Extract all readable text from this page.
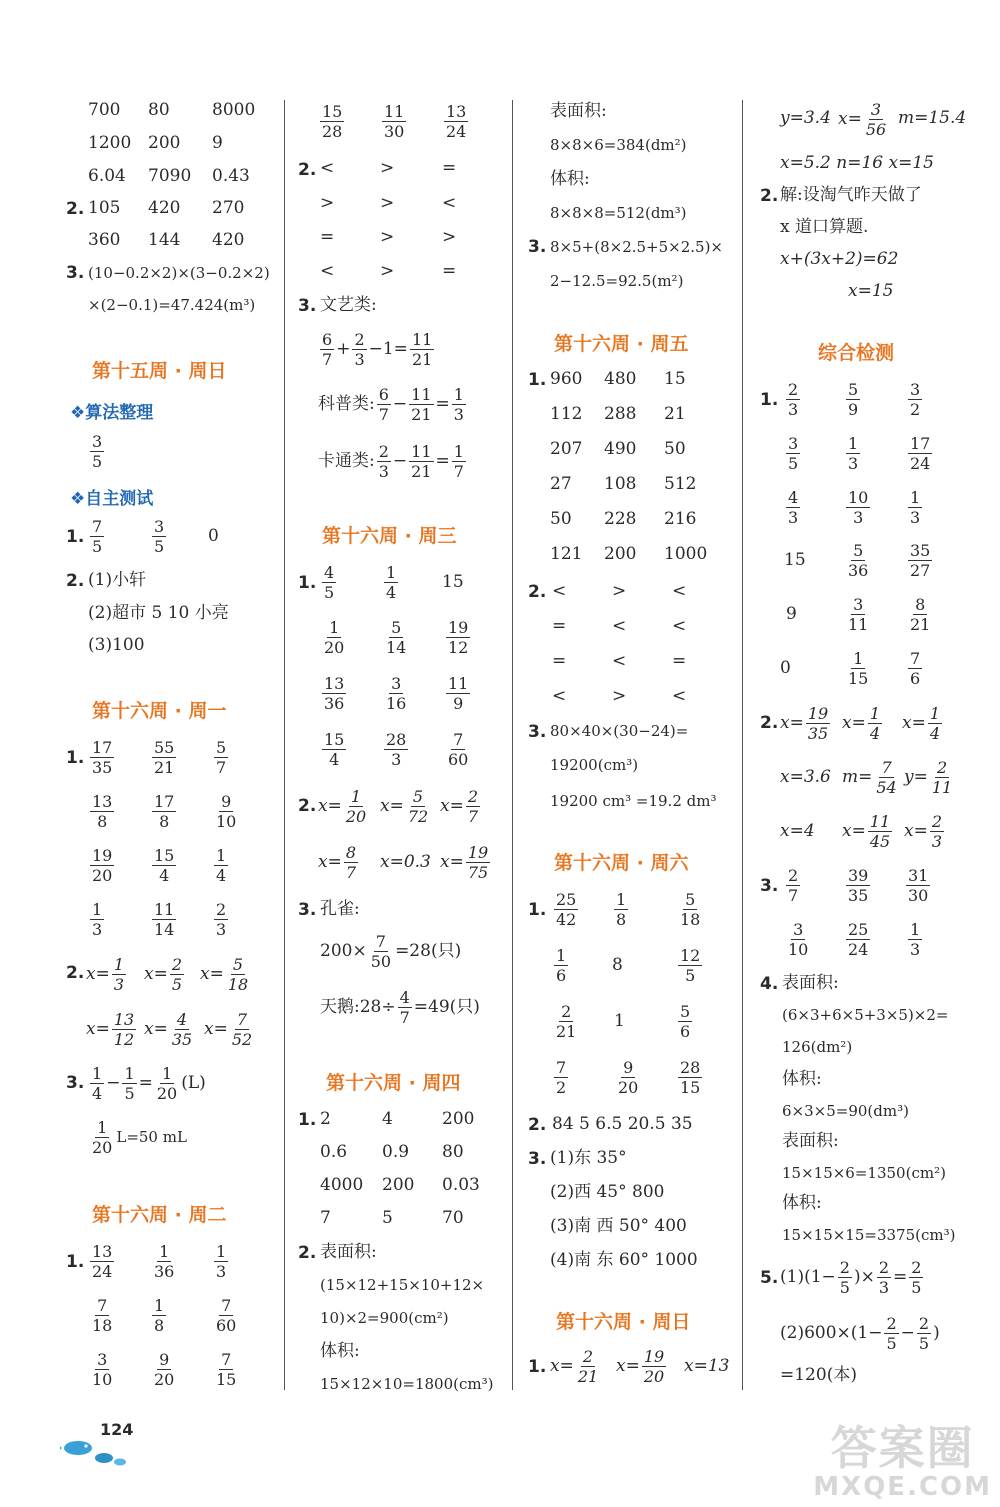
700 80 8000
1200 200 9
6.04 7090 0.43
2. 105 420 270
360 144 420
3. (10−0.2×2)×(3−0.2×2)
×(2−0.1)=47.424(m³)
第十五周 · 周日
❖算法整理
$\frac{3}{5}$
❖自主测试
1. $\frac{7}{5}$	$\frac{3}{5} 0$
2. (1)小轩
(2)超市 5 10 小亮
(3)100
第十六周 · 周一
1. $\frac{17}{35} \frac{55}{21} \frac{5}{7}$
$\frac{13}{8} \frac{17}{8} \frac{9}{10}$
$\frac{19}{20} \frac{15}{4} \frac{1}{4}$
$\frac{1}{3}$	$\frac{11}{14} \frac{2}{3}$
2. $x= \frac{1}{3} x= \frac{2}{5} x= \frac{5}{18}$
$x= \frac{13}{12} x= \frac{4}{35} x= \frac{7}{52}$
3. $\frac{1}{4} - \frac{1}{5} = \frac{1}{20} (L)$
$\frac{1}{20} L=50$ mL
第十六周 · 周二
1. $\frac{13}{24} \frac{1}{36} \frac{1}{3}$
$\frac{7}{18} \frac{1}{8}$	$\frac{7}{60}$
$\frac{3}{10} \frac{9}{20} \frac{7}{15}$
$\frac{15}{28} \frac{11}{30} \frac{13}{24}$
2. <	>	=
>	>	<
=	>	>
<	>	=
3. 文艺类:
$\frac{6}{7} + \frac{2}{3} -1= \frac{11}{21}$
科普类: $\frac{6}{7} - \frac{11}{21} = \frac{1}{3}$
卡通类: $\frac{2}{3} - \frac{11}{21} = \frac{1}{7}$
第十六周 · 周三
1. $\frac{4}{5}$	$\frac{1}{4}$	15
$\frac{1}{20} \frac{5}{14} \frac{19}{12}$
$\frac{13}{36} \frac{3}{16} \frac{11}{9}$
$\frac{15}{4} \frac{28}{3} \frac{7}{60}$
2. $x= \frac{1}{20} x= \frac{5}{72} x= \frac{2}{7}$
$x= \frac{8}{7} x=0.3$ $x= \frac{19}{75}$
3. 孔雀:
$200\times \frac{7}{50} =28$(只)
天鹅:28÷ $\frac{4}{7} =49$(只)
第十六周 · 周四
1. 2	4	200
0.6 0.9 80
4000 200 0.03
7	5	70
2. 表面积:
(15×12+15×10+12×
10)×2=900(cm²)
体积:
15×12×10=1800(cm³)
表面积:
8×8×6=384(dm²)
体积:
8×8×8=512(dm³)
3. 8×5+(8×2.5+5×2.5)×
2−12.5=92.5(m²)
第十六周 · 周五
1. 960 480 15
112 288 21
207 490 50
27 108 512
50 228 216
121 200 1000
2. <	>	<
=	<	<
=	<	=
<	>	<
3. 80×40×(30−24)=
19200(cm³)
19200 cm³ =19.2 dm³
第十六周 · 周六
1. $\frac{25}{42} \frac{1}{8}$	$\frac{5}{18}$
$\frac{1}{6}$	8	$\frac{12}{5}$
$\frac{2}{21} 1$	$\frac{5}{6}$
$\frac{7}{2}$	$\frac{9}{20} \frac{28}{15}$
2. 84 5 6.5 20.5 35
3. (1)东 35°
(2)西 45° 800
(3)南 西 50° 400
(4)南 东 60° 1000
第十六周 · 周日
1. $x= \frac{2}{21} x= \frac{19}{20} x=13$
y=3.4 $x= \frac{3}{56} m=15.4$
x=5.2 n=16 x=15
2. 解:设淘气昨天做了
x 道口算题.
x+(3x+2)=62
x=15
综合检测
1. $\frac{2}{3}$	$\frac{5}{9}$	$\frac{3}{2}$
$\frac{3}{5}$	$\frac{1}{3}$	$\frac{17}{24}$
$\frac{4}{3}$	$\frac{10}{3} \frac{1}{3}$
15	$\frac{5}{36} \frac{35}{27}$
9	$\frac{3}{11} \frac{8}{21}$
0	$\frac{1}{15} \frac{7}{6}$
2. $x= \frac{19}{35} x= \frac{1}{4} x= \frac{1}{4}$
x=3.6 $m= \frac{7}{54} y= \frac{2}{11}$
x=4 $x= \frac{11}{45} x= \frac{2}{3}$
3. $\frac{2}{7}$	$\frac{39}{35} \frac{31}{30}$
$\frac{3}{10} \frac{25}{24} \frac{1}{3}$
4. 表面积:
(6×3+6×5+3×5)×2=
126(dm²)
体积:
6×3×5=90(dm³)
表面积:
15×15×6=1350(cm²)
体积:
15×15×15=3375(cm³)
5. $(1)(1- \frac{2}{5}$ )× $\frac{2}{3} = \frac{2}{5}$
$(2)600\times(1- \frac{2}{5} - \frac{2}{5}$ )
=120(本)
124	答案圈
MXQE.COM
